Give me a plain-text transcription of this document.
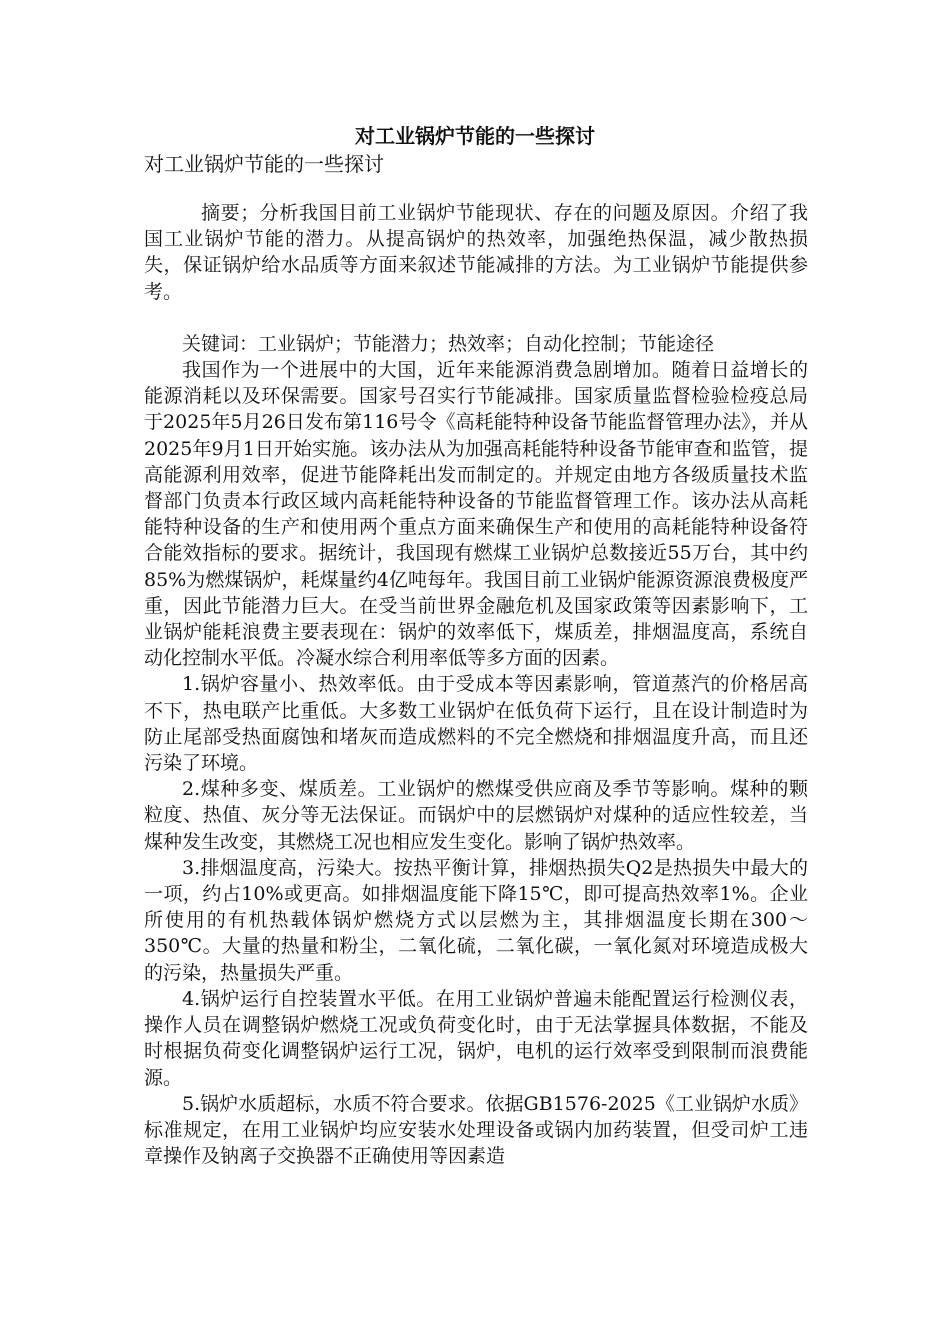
对工业锅炉节能的一些探讨
对工业锅炉节能的一些探讨

摘要；分析我国目前工业锅炉节能现状、存在的问题及原因。介绍了我国工业锅炉节能的潜力。从提高锅炉的热效率，加强绝热保温，减少散热损失，保证锅炉给水品质等方面来叙述节能减排的方法。为工业锅炉节能提供参考。

关键词：工业锅炉；节能潜力；热效率；自动化控制；节能途径

我国作为一个进展中的大国，近年来能源消费急剧增加。随着日益增长的能源消耗以及环保需要。国家号召实行节能减排。国家质量监督检验检疫总局于2025年5月26日发布第116号令《高耗能特种设备节能监督管理办法》，并从2025年9月1日开始实施。该办法从为加强高耗能特种设备节能审查和监管，提高能源利用效率，促进节能降耗出发而制定的。并规定由地方各级质量技术监督部门负责本行政区域内高耗能特种设备的节能监督管理工作。该办法从高耗能特种设备的生产和使用两个重点方面来确保生产和使用的高耗能特种设备符合能效指标的要求。据统计，我国现有燃煤工业锅炉总数接近55万台，其中约85%为燃煤锅炉，耗煤量约4亿吨每年。我国目前工业锅炉能源资源浪费极度严重，因此节能潜力巨大。在受当前世界金融危机及国家政策等因素影响下，工业锅炉能耗浪费主要表现在：锅炉的效率低下，煤质差，排烟温度高，系统自动化控制水平低。冷凝水综合利用率低等多方面的因素。

1.锅炉容量小、热效率低。由于受成本等因素影响，管道蒸汽的价格居高不下，热电联产比重低。大多数工业锅炉在低负荷下运行，且在设计制造时为防止尾部受热面腐蚀和堵灰而造成燃料的不完全燃烧和排烟温度升高，而且还污染了环境。

2.煤种多变、煤质差。工业锅炉的燃煤受供应商及季节等影响。煤种的颗粒度、热值、灰分等无法保证。而锅炉中的层燃锅炉对煤种的适应性较差，当煤种发生改变，其燃烧工况也相应发生变化。影响了锅炉热效率。

3.排烟温度高，污染大。按热平衡计算，排烟热损失Q2是热损失中最大的一项，约占10%或更高。如排烟温度能下降15℃，即可提高热效率1%。企业所使用的有机热载体锅炉燃烧方式以层燃为主，其排烟温度长期在300～350℃。大量的热量和粉尘，二氧化硫，二氧化碳，一氧化氮对环境造成极大的污染，热量损失严重。

4.锅炉运行自控装置水平低。在用工业锅炉普遍未能配置运行检测仪表，操作人员在调整锅炉燃烧工况或负荷变化时，由于无法掌握具体数据，不能及时根据负荷变化调整锅炉运行工况，锅炉，电机的运行效率受到限制而浪费能源。

5.锅炉水质超标，水质不符合要求。依据GB1576-2025《工业锅炉水质》标准规定，在用工业锅炉均应安装水处理设备或锅内加药装置，但受司炉工违章操作及钠离子交换器不正确使用等因素造
